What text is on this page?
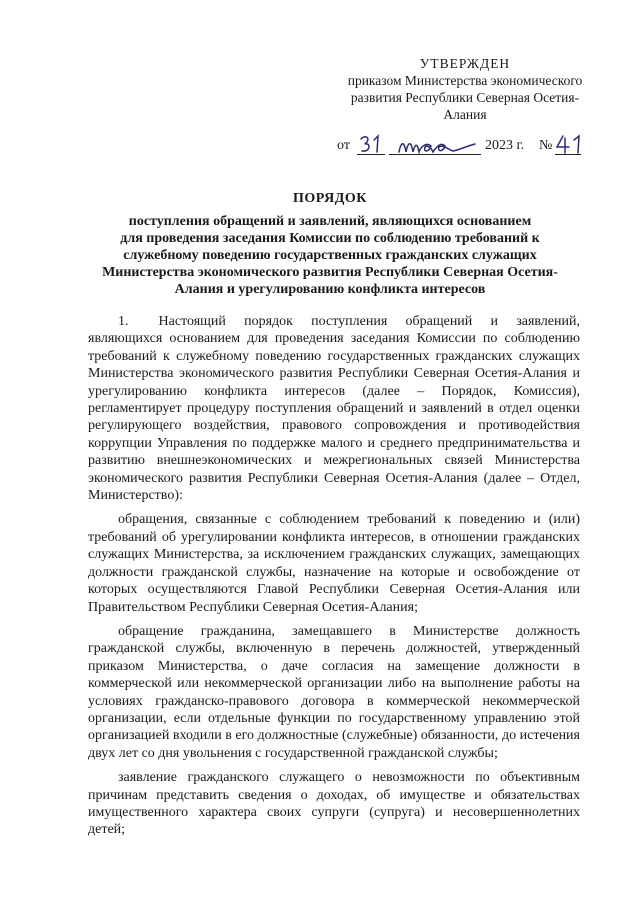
УТВЕРЖДЕН
приказом Министерства экономического
развития Республики Северная Осетия-
Алания
от	2023 г. №
ПОРЯДОК
поступления обращений и заявлений, являющихся основанием
для проведения заседания Комиссии по соблюдению требований к
служебному поведению государственных гражданских служащих
Министерства экономического развития Республики Северная Осетия-
Алания и урегулированию конфликта интересов

1. Настоящий порядок поступления обращений и заявлений, являющихся основанием для проведения заседания Комиссии по соблюдению требований к служебному поведению государственных гражданских служащих Министерства экономического развития Республики Северная Осетия-Алания и урегулированию конфликта интересов (далее – Порядок, Комиссия), регламентирует процедуру поступления обращений и заявлений в отдел оценки регулирующего воздействия, правового сопровождения и противодействия коррупции Управления по поддержке малого и среднего предпринимательства и развитию внешнеэкономических и межрегиональных связей Министерства экономического развития Республики Северная Осетия-Алания (далее – Отдел, Министерство):

обращения, связанные с соблюдением требований к поведению и (или) требований об урегулировании конфликта интересов, в отношении гражданских служащих Министерства, за исключением гражданских служащих, замещающих должности гражданской службы, назначение на которые и освобождение от которых осуществляются Главой Республики Северная Осетия-Алания или Правительством Республики Северная Осетия-Алания;

обращение гражданина, замещавшего в Министерстве должность гражданской службы, включенную в перечень должностей, утвержденный приказом Министерства, о даче согласия на замещение должности в коммерческой или некоммерческой организации либо на выполнение работы на условиях гражданско-правового договора в коммерческой некоммерческой организации, если отдельные функции по государственному управлению этой организацией входили в его должностные (служебные) обязанности, до истечения двух лет со дня увольнения с государственной гражданской службы;

заявление гражданского служащего о невозможности по объективным причинам представить сведения о доходах, об имуществе и обязательствах имущественного характера своих супруги (супруга) и несовершеннолетних детей;
